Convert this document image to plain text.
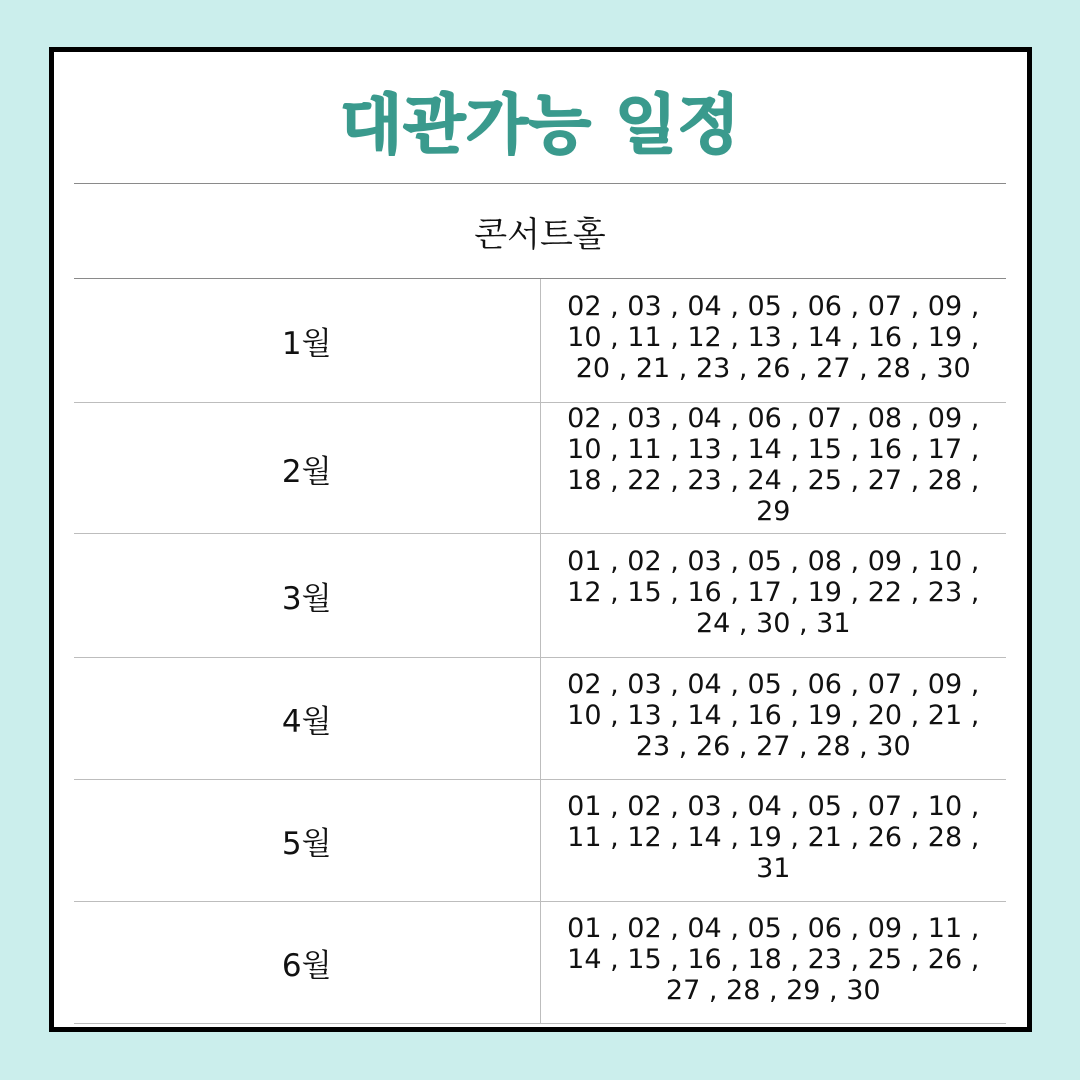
대관가능 일정
콘서트홀	
1월	02 , 03 , 04 , 05 , 06 , 07 , 09 , 10 , 11 , 12 , 13 , 14 , 16 , 19 , 20 , 21 , 23 , 26 , 27 , 28 , 30
2월	02 , 03 , 04 , 06 , 07 , 08 , 09 , 10 , 11 , 13 , 14 , 15 , 16 , 17 , 18 , 22 , 23 , 24 , 25 , 27 , 28 , 29
3월	01 , 02 , 03 , 05 , 08 , 09 , 10 , 12 , 15 , 16 , 17 , 19 , 22 , 23 , 24 , 30 , 31
4월	02 , 03 , 04 , 05 , 06 , 07 , 09 , 10 , 13 , 14 , 16 , 19 , 20 , 21 , 23 , 26 , 27 , 28 , 30
5월	01 , 02 , 03 , 04 , 05 , 07 , 10 , 11 , 12 , 14 , 19 , 21 , 26 , 28 , 31
6월	01 , 02 , 04 , 05 , 06 , 09 , 11 , 14 , 15 , 16 , 18 , 23 , 25 , 26 , 27 , 28 , 29 , 30
